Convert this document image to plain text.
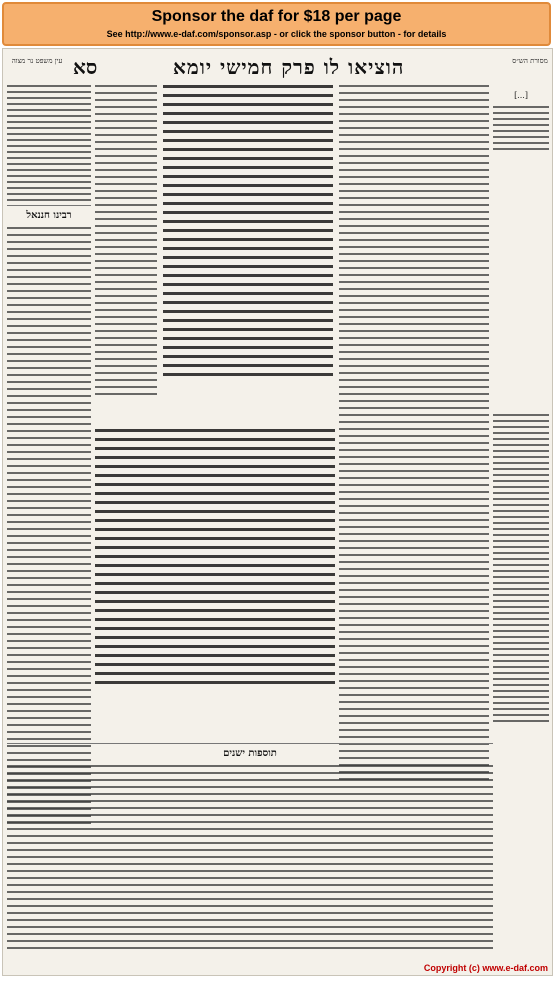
Sponsor the daf for $18 per page
See http://www.e-daf.com/sponsor.asp - or click the sponsor button - for details
עין משפט נר מצוה סא	הוציאו לו פרק חמישי יומא	מסורת הש״ס
רבינו חננאל
[...]
תוספות ישנים
Copyright (c) www.e-daf.com
